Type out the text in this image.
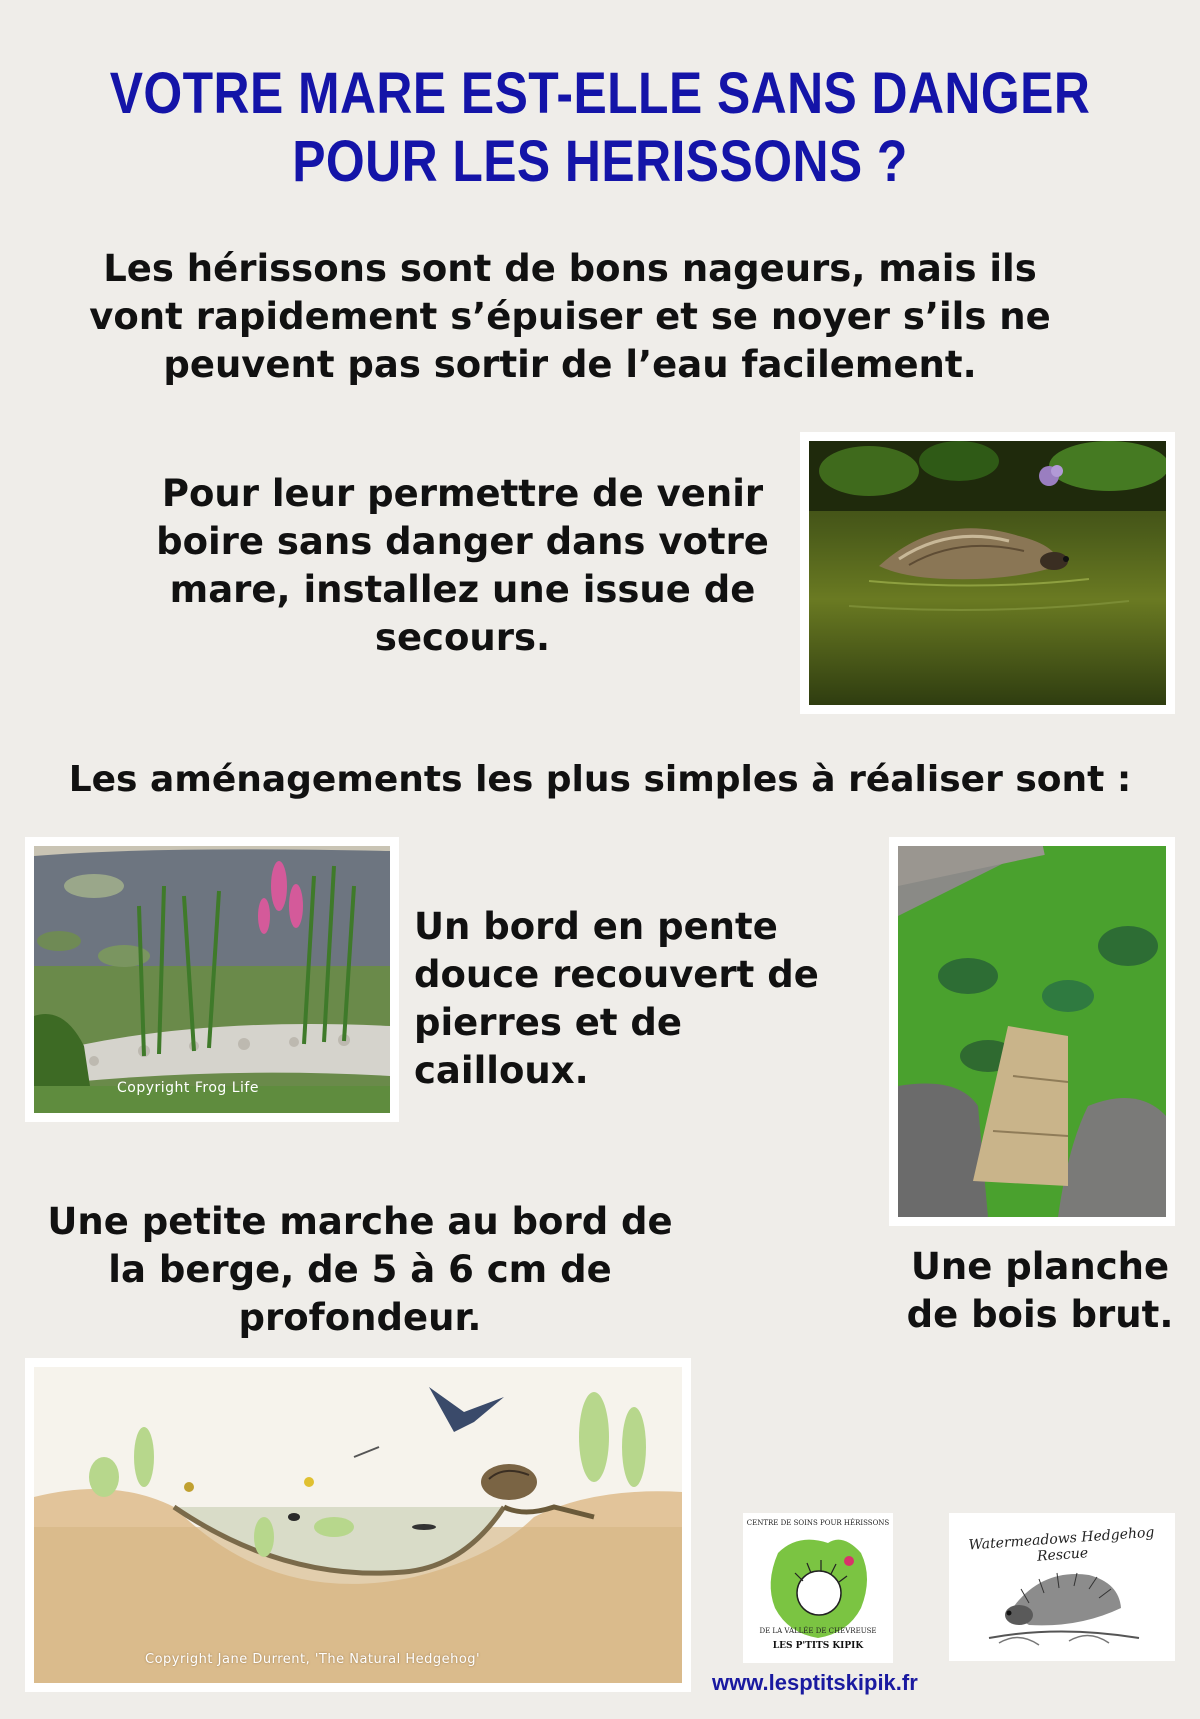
VOTRE MARE EST-ELLE SANS DANGER
POUR LES HERISSONS ?
Les hérissons sont de bons nageurs, mais ils vont rapidement s’épuiser et se noyer s’ils ne peuvent pas sortir de l’eau facilement.
Pour leur permettre de venir boire sans danger dans votre mare, installez une issue de secours.
Les aménagements les plus simples à réaliser sont :
Copyright Frog Life
Un bord en pente douce recouvert de pierres et de cailloux.
Une planche de bois brut.
Une petite marche au bord de la berge, de 5 à 6 cm de profondeur.
Copyright Jane Durrent, 'The Natural Hedgehog'
CENTRE DE SOINS POUR HÉRISSONS
DE LA VALLÉE DE CHEVREUSE
LES P'TITS KIPIK
Watermeadows Hedgehog Rescue
www.lesptitskipik.fr
